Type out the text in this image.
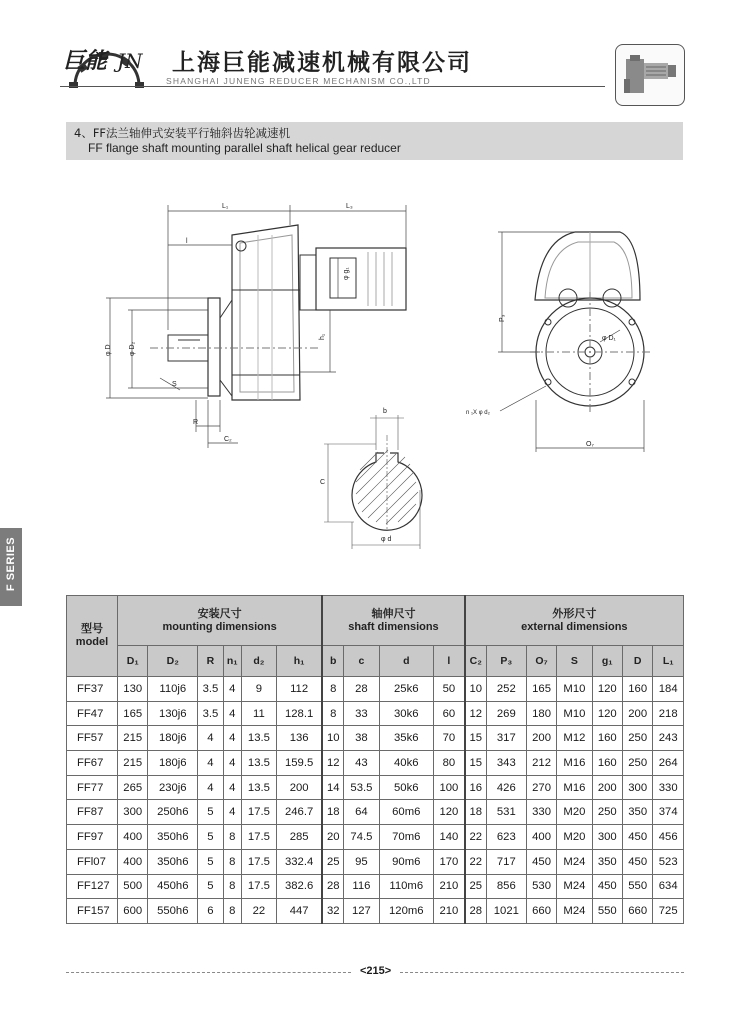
巨能 JN 上海巨能减速机械有限公司
SHANGHAI JUNENG REDUCER MECHANISM CO.,LTD
4、FF法兰轴伸式安装平行轴斜齿轮减速机
FF flange shaft mounting parallel shaft helical gear reducer
F SERIES
L₁	L₃
l
φ D φ D₂
S
R
C₂
h₁
φ g₁
P₃
φ D₁
n ₁X φ d₂
O₇
b
C
φ d
型号
model	安装尺寸
mounting dimensions						轴伸尺寸
shaft dimensions				外形尺寸
external dimensions						
	D₁	D₂	R	n₁	d₂	h₁	b	c	d	l	C₂	P₃	O₇	S	g₁	D	L₁
FF37	130	110j6	3.5	4	9	112	8	28	25k6	50	10	252	165	M10	120	160	184
FF47	165	130j6	3.5	4	11	128.1	8	33	30k6	60	12	269	180	M10	120	200	218
FF57	215	180j6	4	4	13.5	136	10	38	35k6	70	15	317	200	M12	160	250	243
FF67	215	180j6	4	4	13.5	159.5	12	43	40k6	80	15	343	212	M16	160	250	264
FF77	265	230j6	4	4	13.5	200	14	53.5	50k6	100	16	426	270	M16	200	300	330
FF87	300	250h6	5	4	17.5	246.7	18	64	60m6	120	18	531	330	M20	250	350	374
FF97	400	350h6	5	8	17.5	285	20	74.5	70m6	140	22	623	400	M20	300	450	456
FFl07	400	350h6	5	8	17.5	332.4	25	95	90m6	170	22	717	450	M24	350	450	523
FF127	500	450h6	5	8	17.5	382.6	28	116	110m6	210	25	856	530	M24	450	550	634
FF157	600	550h6	6	8	22	447	32	127	120m6	210	28	1021	660	M24	550	660	725
<215>
